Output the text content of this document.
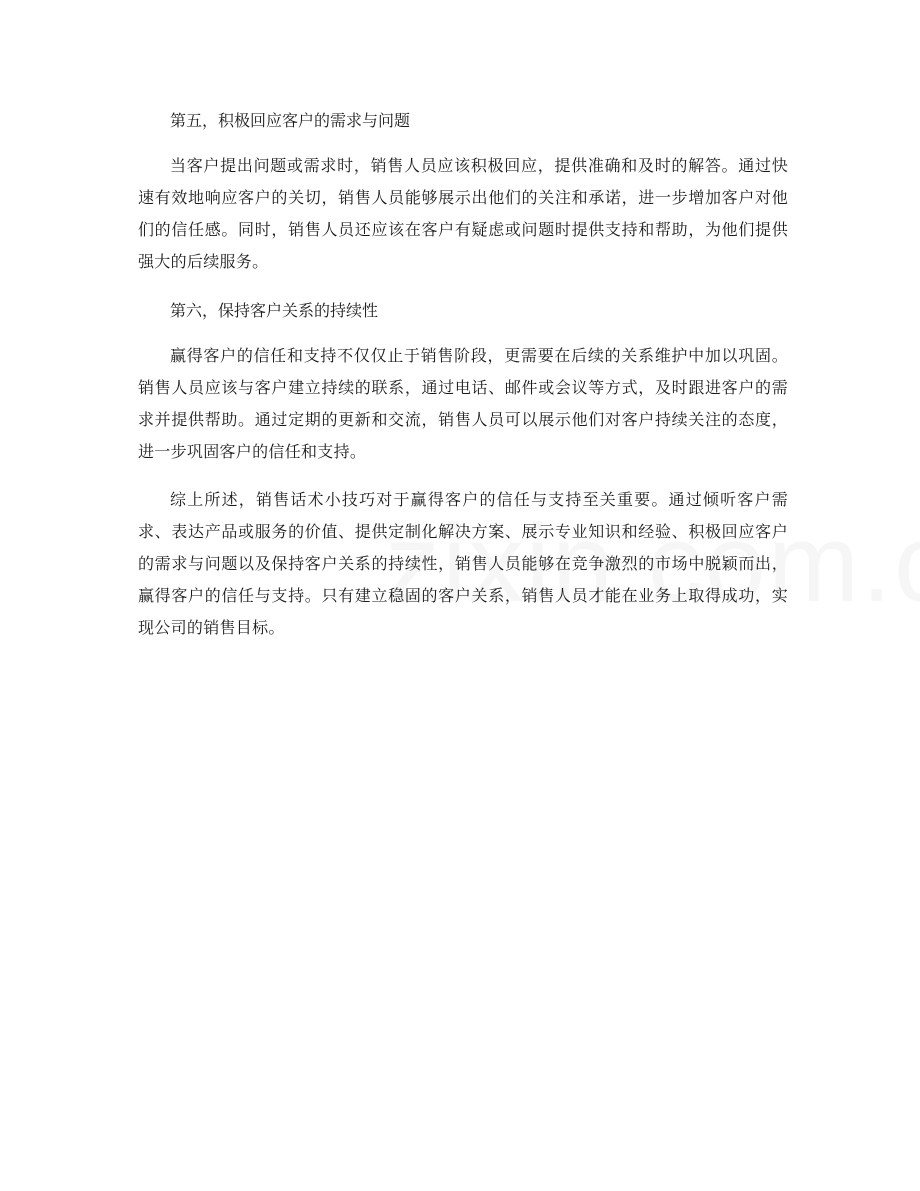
第五，积极回应客户的需求与问题

当客户提出问题或需求时，销售人员应该积极回应，提供准确和及时的解答。通过快速有效地响应客户的关切，销售人员能够展示出他们的关注和承诺，进一步增加客户对他们的信任感。同时，销售人员还应该在客户有疑虑或问题时提供支持和帮助，为他们提供强大的后续服务。

第六，保持客户关系的持续性

赢得客户的信任和支持不仅仅止于销售阶段，更需要在后续的关系维护中加以巩固。销售人员应该与客户建立持续的联系，通过电话、邮件或会议等方式，及时跟进客户的需求并提供帮助。通过定期的更新和交流，销售人员可以展示他们对客户持续关注的态度，进一步巩固客户的信任和支持。

综上所述，销售话术小技巧对于赢得客户的信任与支持至关重要。通过倾听客户需求、表达产品或服务的价值、提供定制化解决方案、展示专业知识和经验、积极回应客户的需求与问题以及保持客户关系的持续性，销售人员能够在竞争激烈的市场中脱颖而出，赢得客户的信任与支持。只有建立稳固的客户关系，销售人员才能在业务上取得成功，实现公司的销售目标。
